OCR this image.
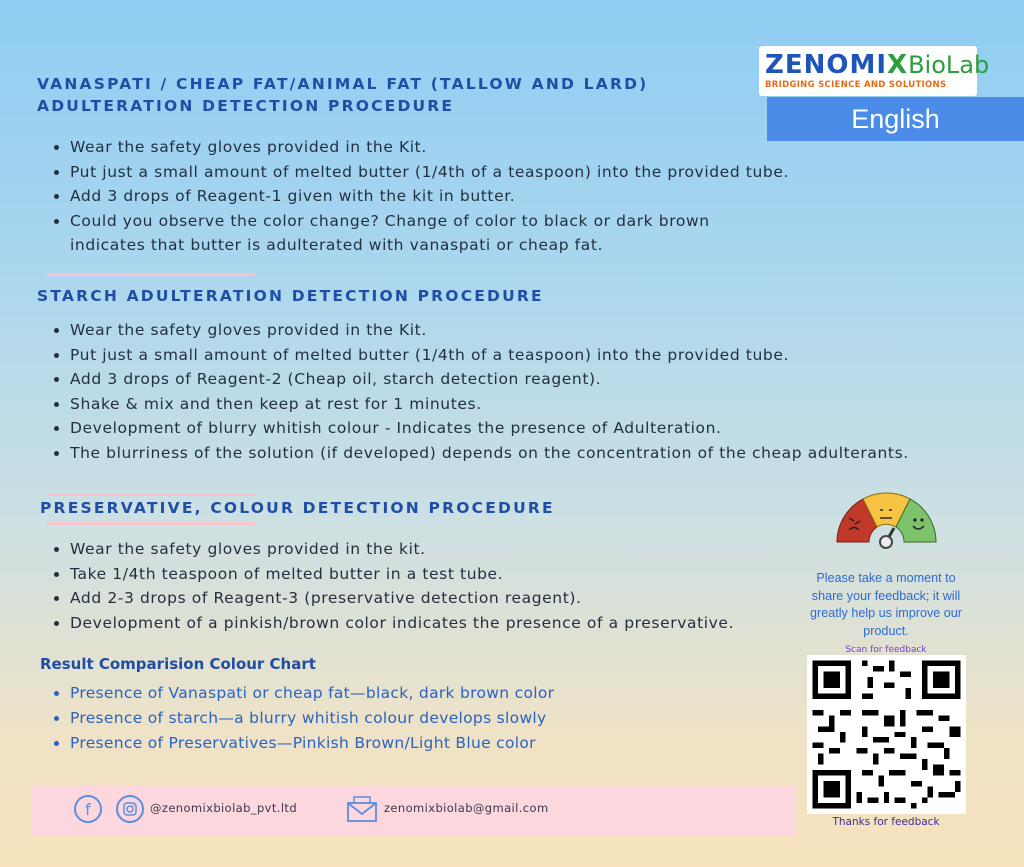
ZENOMIXBioLab
BRIDGING SCIENCE AND SOLUTIONS
English
VANASPATI / CHEAP FAT/ANIMAL FAT (TALLOW AND LARD)
ADULTERATION DETECTION PROCEDURE
• Wear the safety gloves provided in the Kit.
• Put just a small amount of melted butter (1/4th of a teaspoon) into the provided tube.
• Add 3 drops of Reagent-1 given with the kit in butter.
• Could you observe the color change? Change of color to black or dark brown
indicates that butter is adulterated with vanaspati or cheap fat.
STARCH ADULTERATION DETECTION PROCEDURE
• Wear the safety gloves provided in the Kit.
• Put just a small amount of melted butter (1/4th of a teaspoon) into the provided tube.
• Add 3 drops of Reagent-2 (Cheap oil, starch detection reagent).
• Shake & mix and then keep at rest for 1 minutes.
• Development of blurry whitish colour - Indicates the presence of Adulteration.
• The blurriness of the solution (if developed) depends on the concentration of the cheap adulterants.
PRESERVATIVE, COLOUR DETECTION PROCEDURE
• Wear the safety gloves provided in the kit.
• Take 1/4th teaspoon of melted butter in a test tube.
• Add 2-3 drops of Reagent-3 (preservative detection reagent).
• Development of a pinkish/brown color indicates the presence of a preservative.
Result Comparision Colour Chart
• Presence of Vanaspati or cheap fat—black, dark brown color
• Presence of starch—a blurry whitish colour develops slowly
• Presence of Preservatives—Pinkish Brown/Light Blue color
Please take a moment to share your feedback; it will greatly help us improve our product.
Scan for feedback
Thanks for feedback
f	@zenomixbiolab_pvt.ltd	zenomixbiolab@gmail.com
